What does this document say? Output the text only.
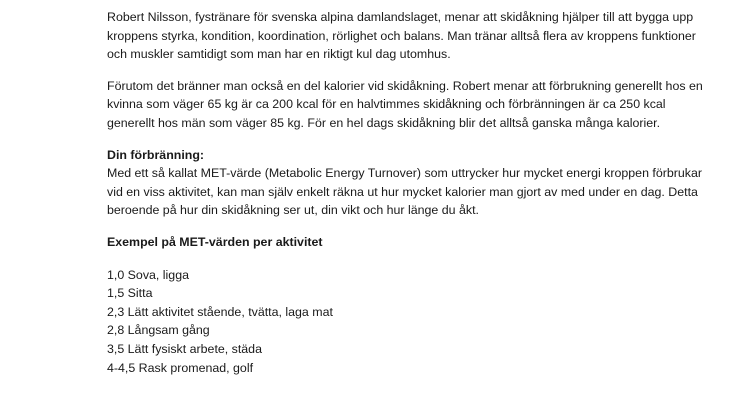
Robert Nilsson, fystränare för svenska alpina damlandslaget, menar att skidåkning hjälper till att bygga upp kroppens styrka, kondition, koordination, rörlighet och balans. Man tränar alltså flera av kroppens funktioner och muskler samtidigt som man har en riktigt kul dag utomhus.

Förutom det bränner man också en del kalorier vid skidåkning. Robert menar att förbrukning generellt hos en kvinna som väger 65 kg är ca 200 kcal för en halvtimmes skidåkning och förbränningen är ca 250 kcal generellt hos män som väger 85 kg. För en hel dags skidåkning blir det alltså ganska många kalorier.

Din förbränning:

Med ett så kallat MET-värde (Metabolic Energy Turnover) som uttrycker hur mycket energi kroppen förbrukar vid en viss aktivitet, kan man själv enkelt räkna ut hur mycket kalorier man gjort av med under en dag. Detta beroende på hur din skidåkning ser ut, din vikt och hur länge du åkt.

Exempel på MET-värden per aktivitet

1,0 Sova, ligga
1,5 Sitta
2,3 Lätt aktivitet stående, tvätta, laga mat
2,8 Långsam gång
3,5 Lätt fysiskt arbete, städa
4-4,5 Rask promenad, golf
